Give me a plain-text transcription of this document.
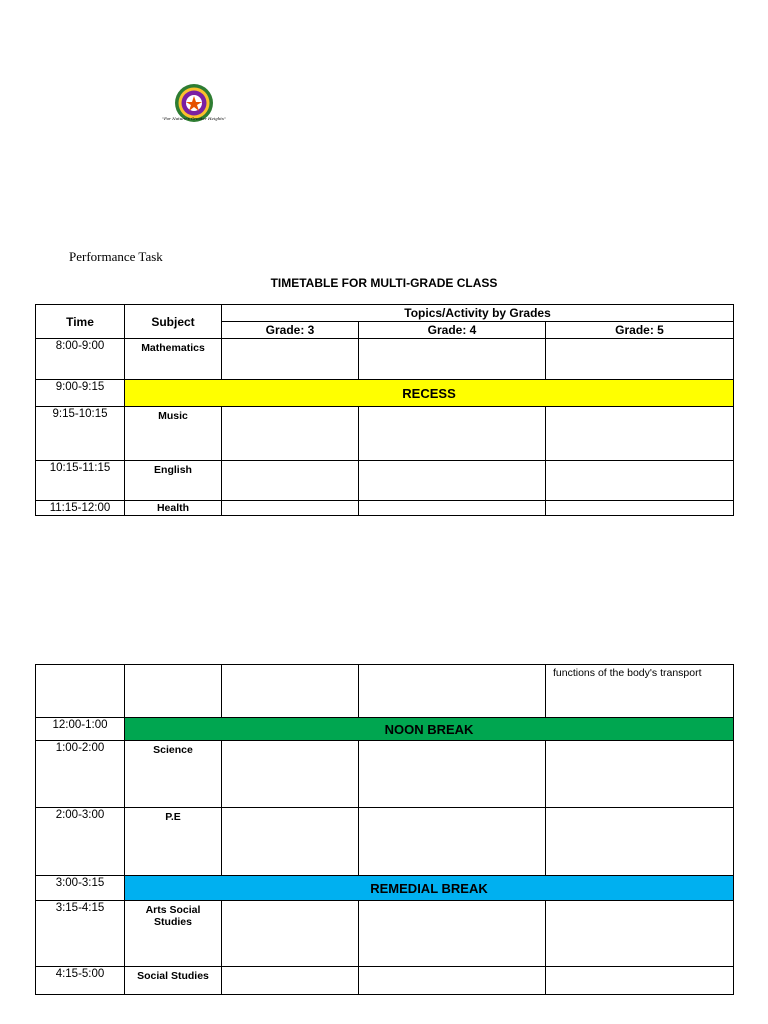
"For Nature's Greater Heights"
Performance Task
TIMETABLE FOR MULTI-GRADE CLASS
Time	Subject	Topics/Activity by Grades		
		Grade: 3	Grade: 4	Grade: 5
8:00-9:00	Mathematics			
9:00-9:15	RECESS			
9:15-10:15	Music			
10:15-11:15	English			
11:15-12:00	Health			
				functions of the body's transport
12:00-1:00	NOON BREAK			
1:00-2:00	Science			
2:00-3:00	P.E			
3:00-3:15	REMEDIAL BREAK			
3:15-4:15	Arts Social Studies			
4:15-5:00	Social Studies			
